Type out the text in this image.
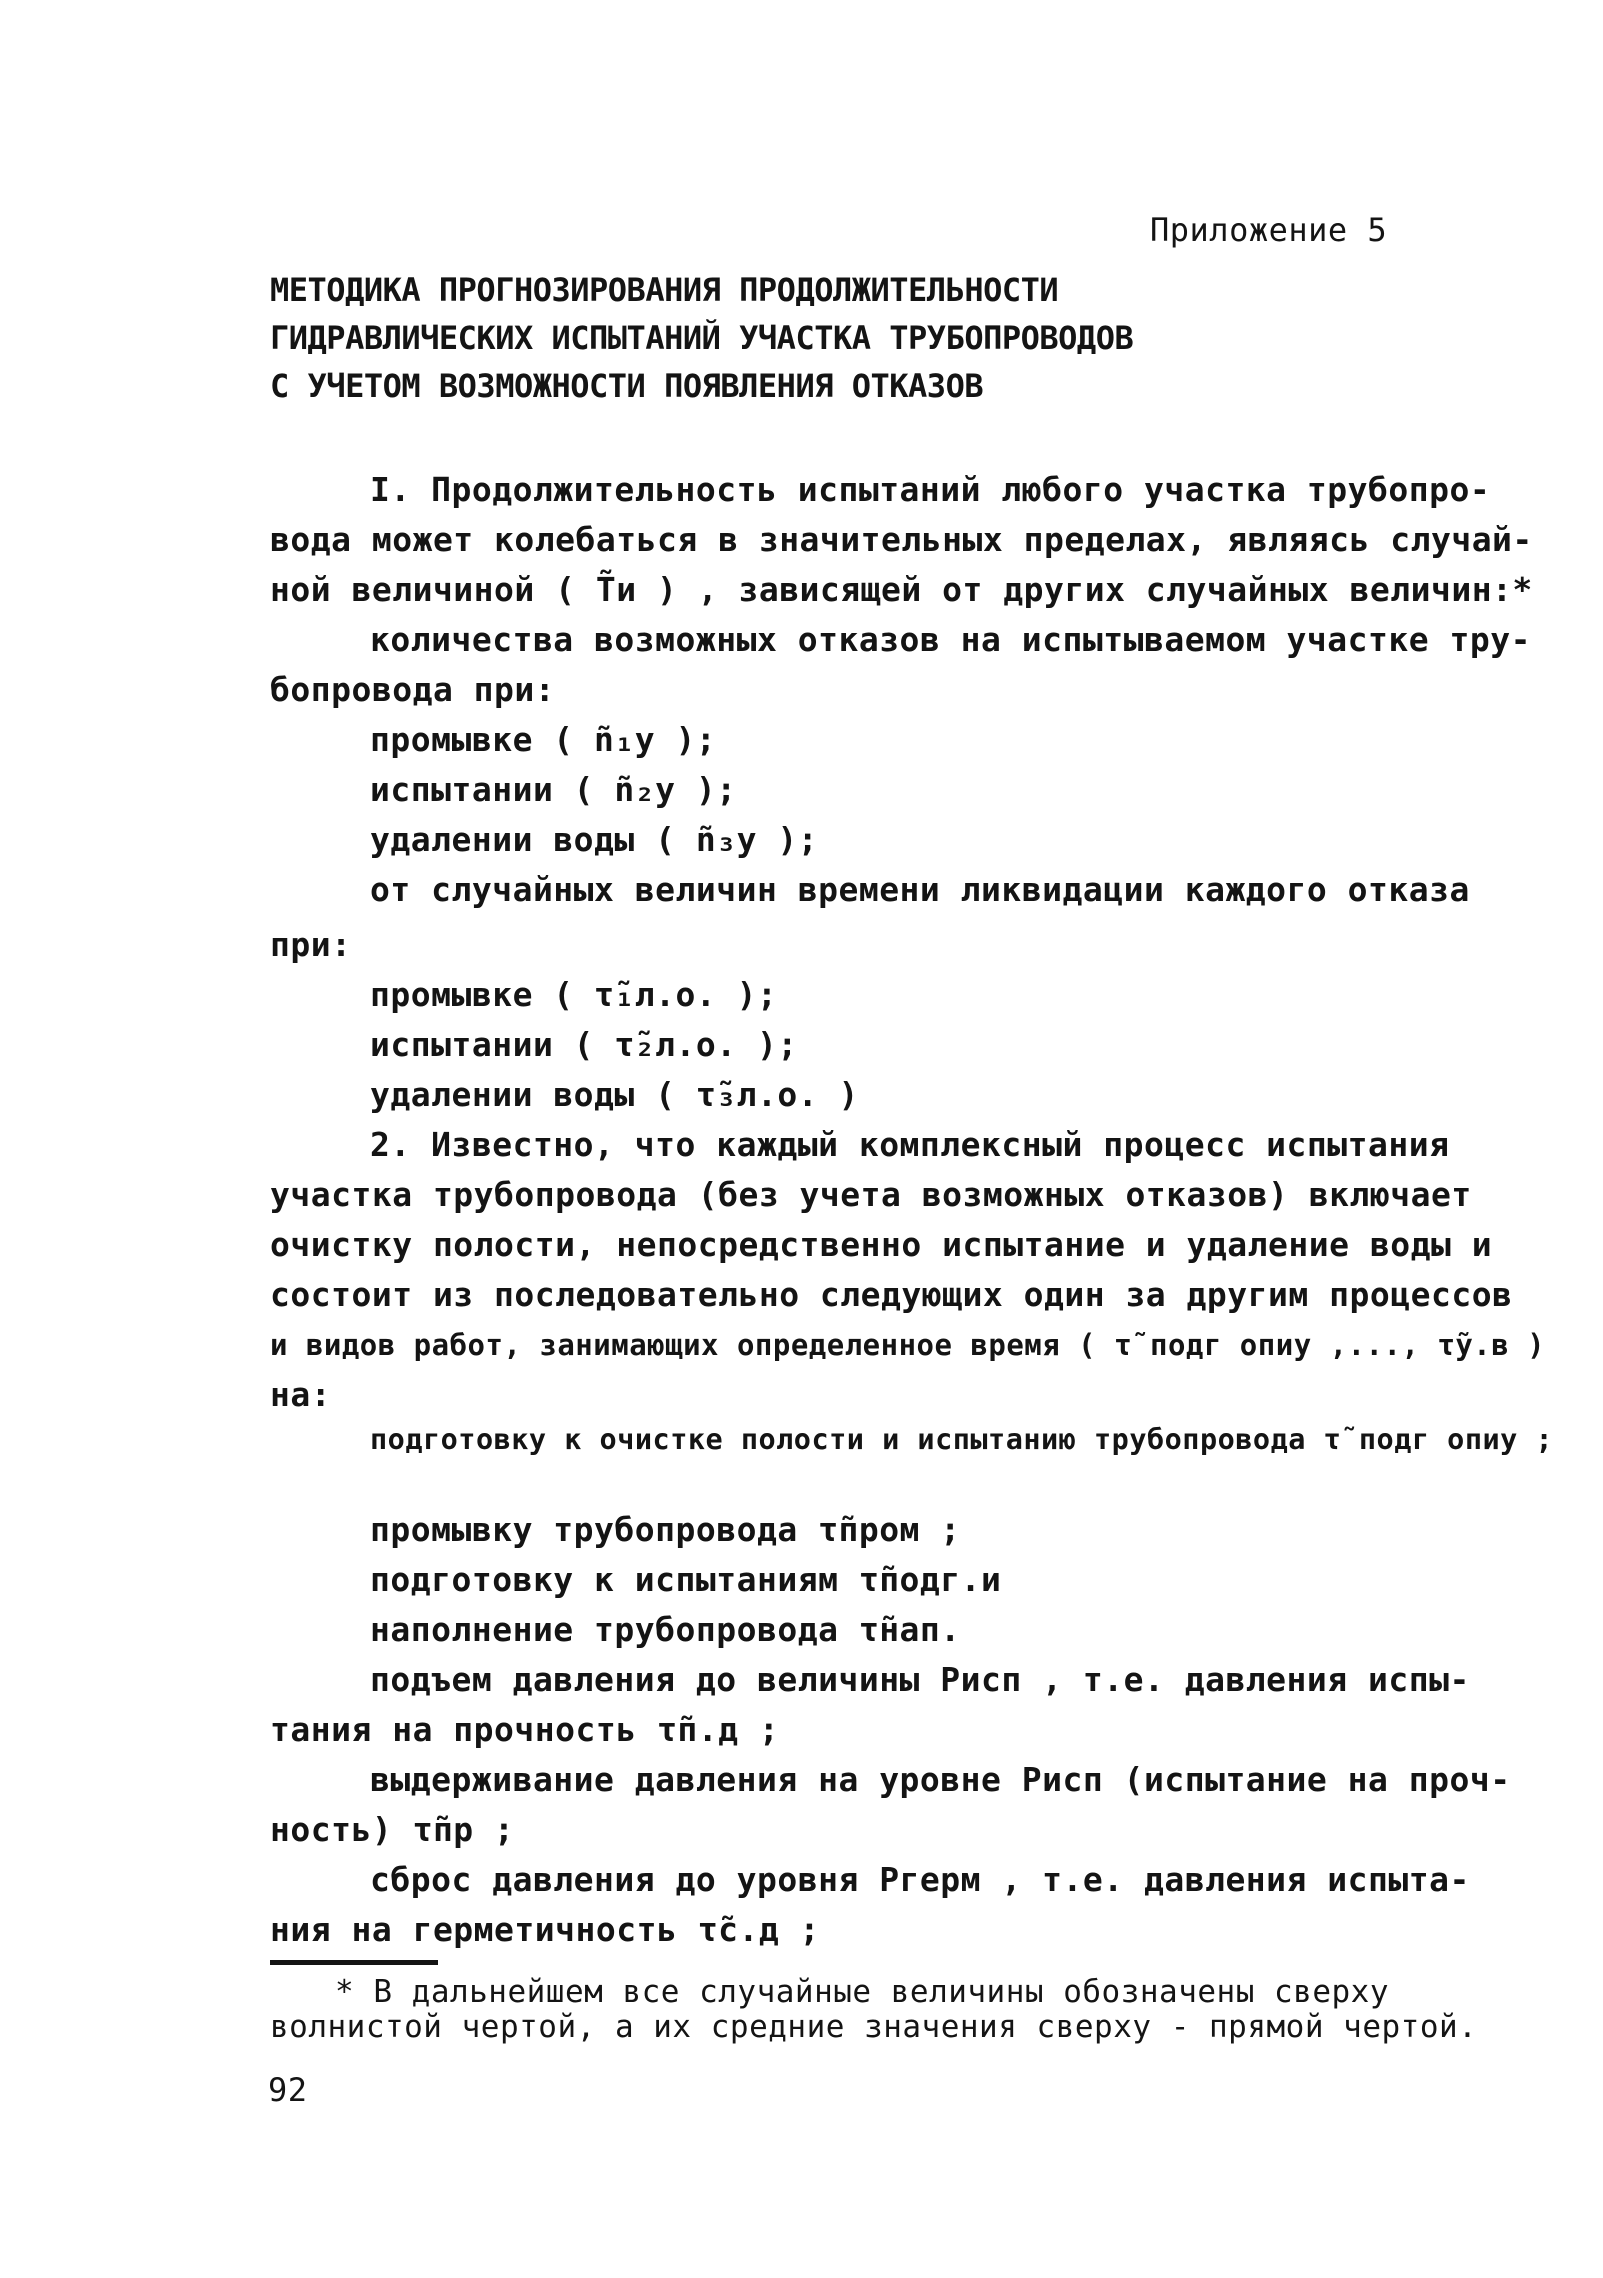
Приложение 5
МЕТОДИКА ПРОГНОЗИРОВАНИЯ ПРОДОЛЖИТЕЛЬНОСТИ
ГИДРАВЛИЧЕСКИХ ИСПЫТАНИЙ УЧАСТКА ТРУБОПРОВОДОВ
С УЧЕТОМ ВОЗМОЖНОСТИ ПОЯВЛЕНИЯ ОТКАЗОВ
I. Продолжительность испытаний любого участка трубопро-
вода может колебаться в значительных пределах, являясь случай-
ной величиной ( T̃и ) , зависящей от других случайных величин:*
количества возможных отказов на испытываемом участке тру-
бопровода при:
промывке ( ñ₁у );
испытании ( ñ₂у );
удалении воды ( ñ₃у );
от случайных величин времени ликвидации каждого отказа
при:
промывке ( τ̃₁л.о. );
испытании ( τ̃₂л.о. );
удалении воды ( τ̃₃л.о. )
2. Известно, что каждый комплексный процесс испытания
участка трубопровода (без учета возможных отказов) включает
очистку полости, непосредственно испытание и удаление воды и
состоит из последовательно следующих один за другим процессов
и видов работ, занимающих определенное время ( τ̃ подг опиу ,..., τ̃у.в )
на:
подготовку к очистке полости и испытанию трубопровода τ̃ подг опиу ;
промывку трубопровода τ̃пром ;
подготовку к испытаниям τ̃подг.и
наполнение трубопровода τ̃нап.
подъем давления до величины Pисп , т.е. давления испы-
тания на прочность τ̃п.д ;
выдерживание давления на уровне Pисп (испытание на проч-
ность) τ̃пр ;
сброс давления до уровня Pгерм , т.е. давления испыта-
ния на герметичность τ̃с.д ;
* В дальнейшем все случайные величины обозначены сверху
волнистой чертой, а их средние значения сверху - прямой чертой.
92
